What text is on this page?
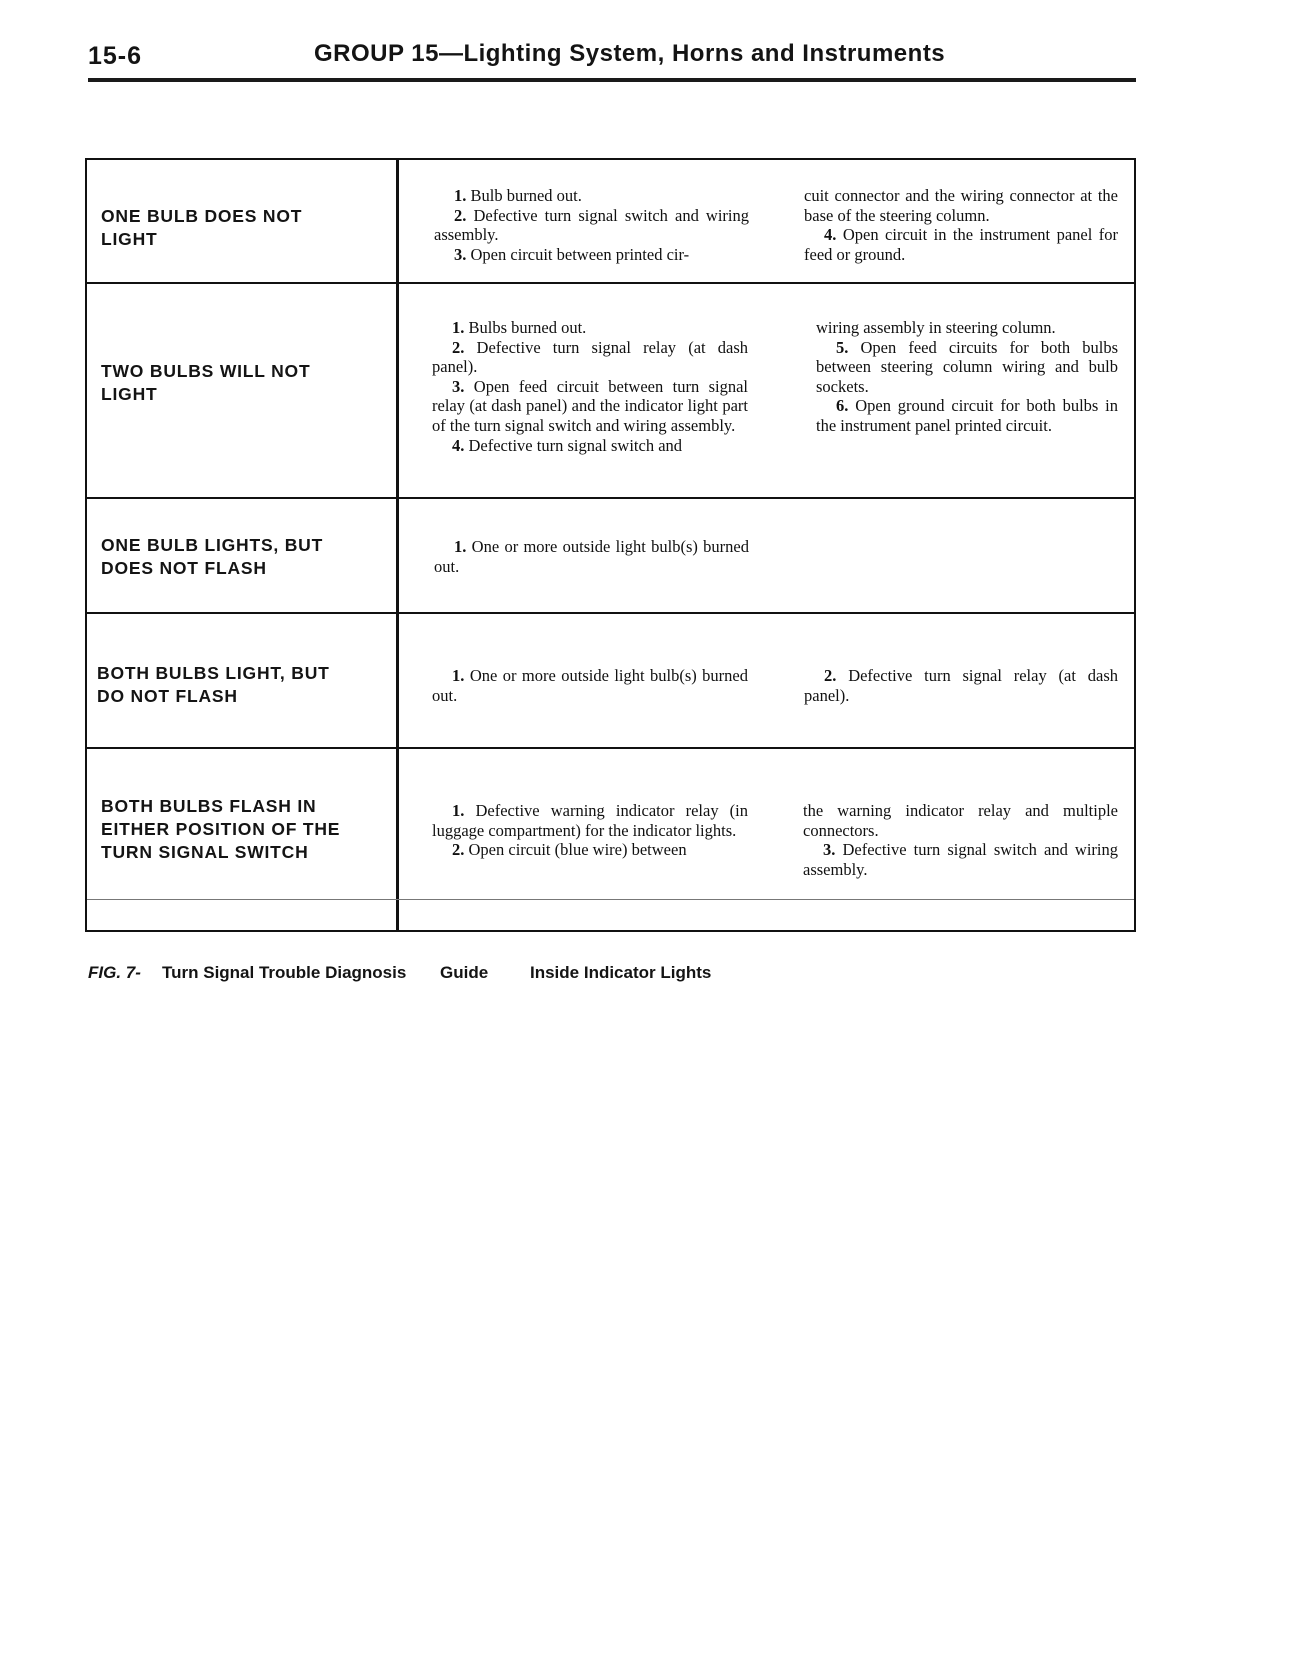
15-6	GROUP 15—Lighting System, Horns and Instruments
ONE BULB DOES NOT
LIGHT

1. Bulb burned out.

2. Defective turn signal switch and wiring assembly.

3. Open circuit between printed cir-

cuit connector and the wiring connector at the base of the steering column.

4. Open circuit in the instrument panel for feed or ground.

TWO BULBS WILL NOT
LIGHT

1. Bulbs burned out.

2. Defective turn signal relay (at dash panel).

3. Open feed circuit between turn signal relay (at dash panel) and the indicator light part of the turn signal switch and wiring assembly.

4. Defective turn signal switch and

wiring assembly in steering column.

5. Open feed circuits for both bulbs between steering column wiring and bulb sockets.

6. Open ground circuit for both bulbs in the instrument panel printed circuit.

ONE BULB LIGHTS, BUT
DOES NOT FLASH

1. One or more outside light bulb(s) burned out.

BOTH BULBS LIGHT, BUT
DO NOT FLASH

1. One or more outside light bulb(s) burned out.

2. Defective turn signal relay (at dash panel).

BOTH BULBS FLASH IN
EITHER POSITION OF THE
TURN SIGNAL SWITCH

1. Defective warning indicator relay (in luggage compartment) for the indicator lights.

2. Open circuit (blue wire) between

the warning indicator relay and multiple connectors.

3. Defective turn signal switch and wiring assembly.

FIG. 7- Turn Signal Trouble Diagnosis Guide Inside Indicator Lights
